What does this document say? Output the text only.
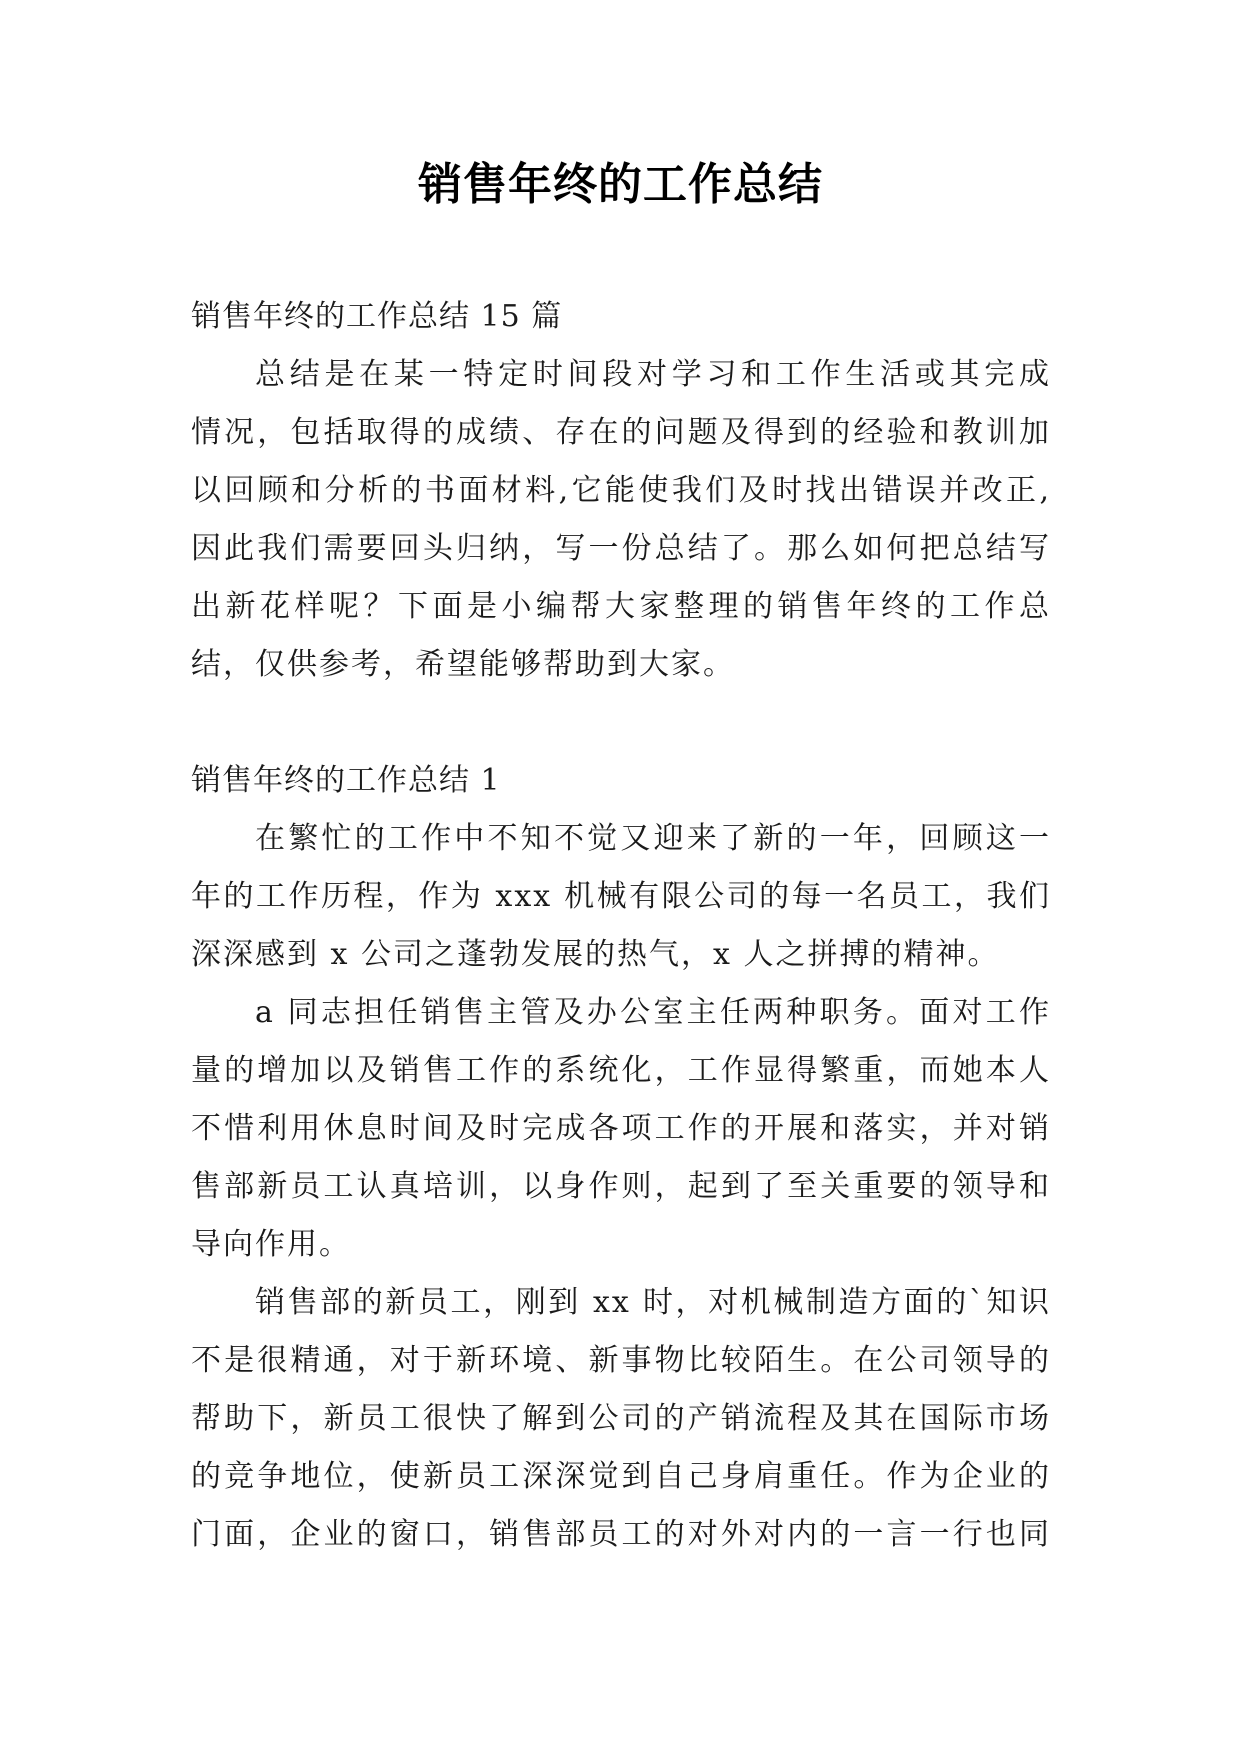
销售年终的工作总结
销售年终的工作总结 15 篇
总结是在某一特定时间段对学习和工作生活或其完成
情况，包括取得的成绩、存在的问题及得到的经验和教训加
以回顾和分析的书面材料,它能使我们及时找出错误并改正,
因此我们需要回头归纳，写一份总结了。那么如何把总结写
出新花样呢？下面是小编帮大家整理的销售年终的工作总
结，仅供参考，希望能够帮助到大家。
销售年终的工作总结 1
在繁忙的工作中不知不觉又迎来了新的一年，回顾这一
年的工作历程，作为 xxx 机械有限公司的每一名员工，我们
深深感到 x 公司之蓬勃发展的热气，x 人之拼搏的精神。
a 同志担任销售主管及办公室主任两种职务。面对工作
量的增加以及销售工作的系统化，工作显得繁重，而她本人
不惜利用休息时间及时完成各项工作的开展和落实，并对销
售部新员工认真培训，以身作则，起到了至关重要的领导和
导向作用。
销售部的新员工，刚到 xx 时，对机械制造方面的`知识
不是很精通，对于新环境、新事物比较陌生。在公司领导的
帮助下，新员工很快了解到公司的产销流程及其在国际市场
的竞争地位，使新员工深深觉到自己身肩重任。作为企业的
门面，企业的窗口，销售部员工的对外对内的一言一行也同
